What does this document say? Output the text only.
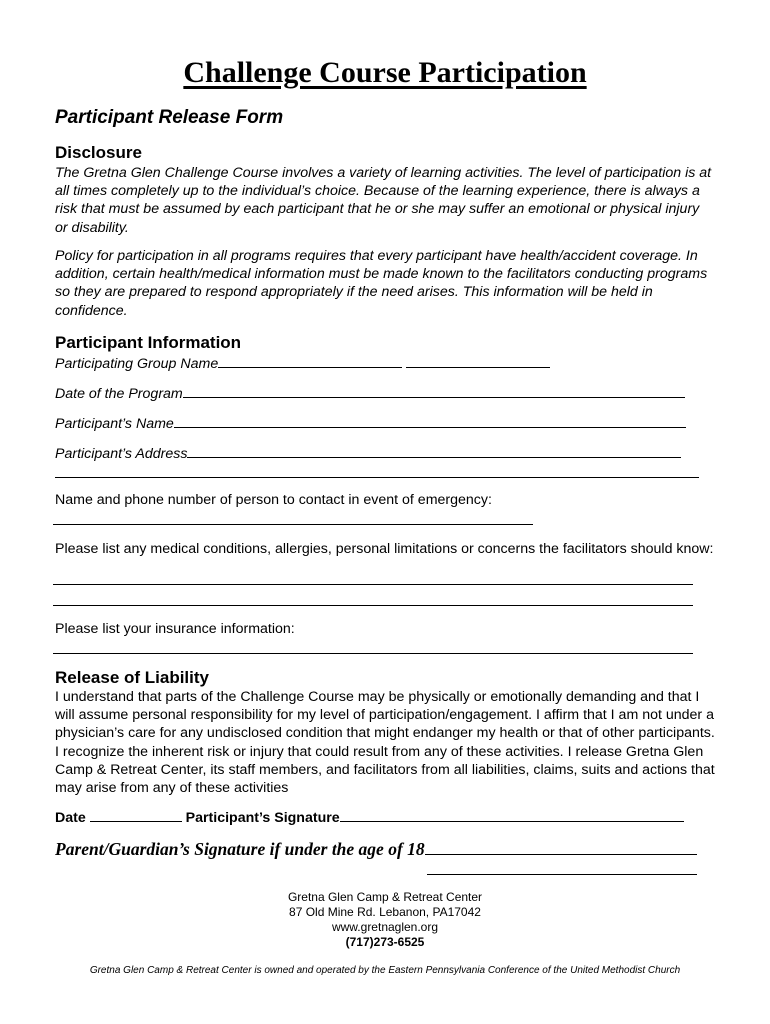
Challenge Course Participation
Participant Release Form
Disclosure
The Gretna Glen Challenge Course involves a variety of learning activities. The level of participation is at all times completely up to the individual’s choice. Because of the learning experience, there is always a risk that must be assumed by each participant that he or she may suffer an emotional or physical injury or disability.
Policy for participation in all programs requires that every participant have health/accident coverage. In addition, certain health/medical information must be made known to the facilitators conducting programs so they are prepared to respond appropriately if the need arises. This information will be held in confidence.
Participant Information
Participating Group Name
Date of the Program
Participant’s Name
Participant’s Address
Name and phone number of person to contact in event of emergency:
Please list any medical conditions, allergies, personal limitations or concerns the facilitators should know:
Please list your insurance information:
Release of Liability
I understand that parts of the Challenge Course may be physically or emotionally demanding and that I will assume personal responsibility for my level of participation/engagement. I affirm that I am not under a physician’s care for any undisclosed condition that might endanger my health or that of other participants. I recognize the inherent risk or injury that could result from any of these activities. I release Gretna Glen Camp & Retreat Center, its staff members, and facilitators from all liabilities, claims, suits and actions that may arise from any of these activities
Date	Participant’s Signature
Parent/Guardian’s Signature if under the age of 18
Gretna Glen Camp & Retreat Center
87 Old Mine Rd. Lebanon, PA17042
www.gretnaglen.org
(717)273-6525
Gretna Glen Camp & Retreat Center is owned and operated by the Eastern Pennsylvania Conference of the United Methodist Church
